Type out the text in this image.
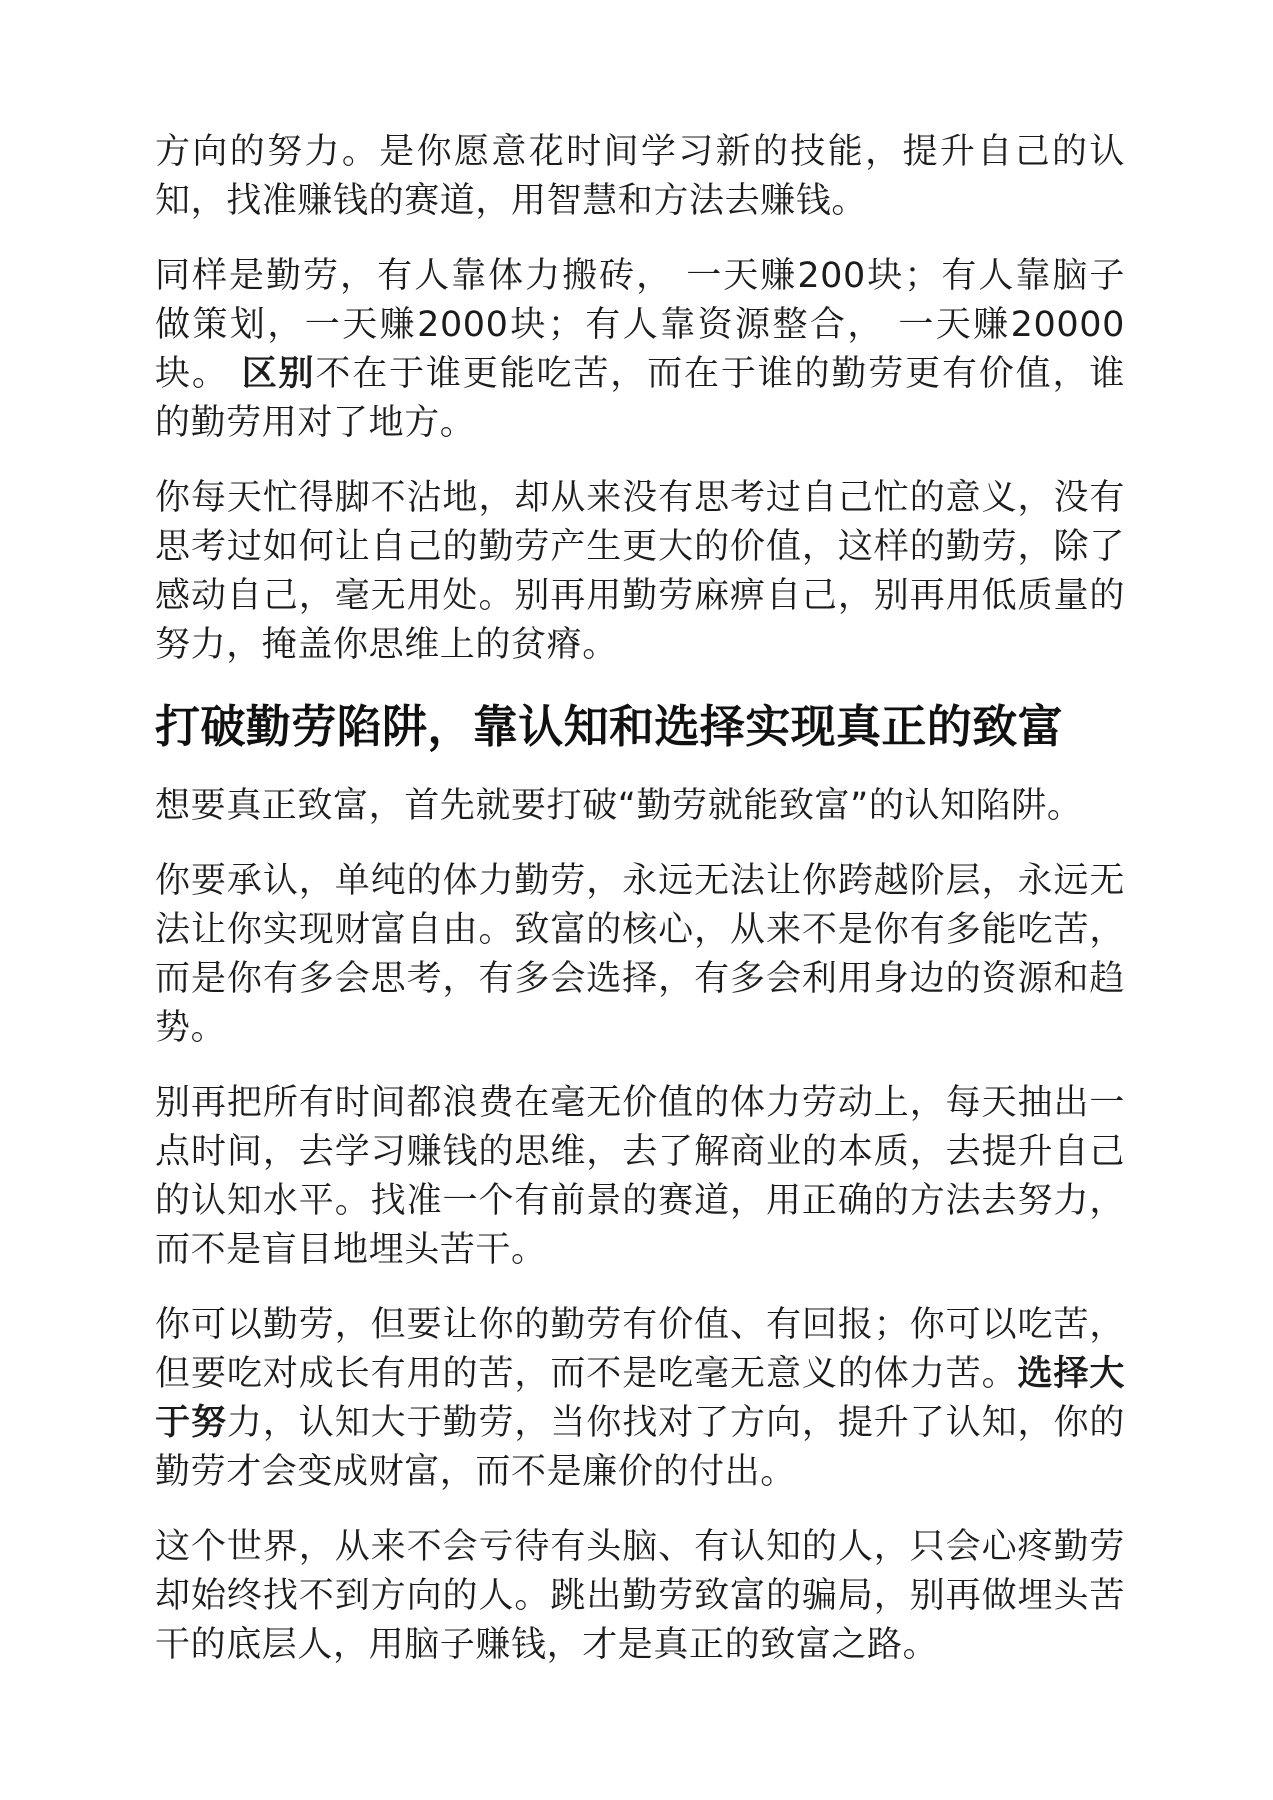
方向的努力。是你愿意花时间学习新的技能，提升自己的认知，找准赚钱的赛道，用智慧和方法去赚钱。

同样是勤劳，有人靠体力搬砖， 一天赚200块；有人靠脑子做策划，一天赚2000块；有人靠资源整合， 一天赚20000块。 区别不在于谁更能吃苦，而在于谁的勤劳更有价值，谁的勤劳用对了地方。

你每天忙得脚不沾地，却从来没有思考过自己忙的意义，没有思考过如何让自己的勤劳产生更大的价值，这样的勤劳，除了感动自己，毫无用处。别再用勤劳麻痹自己，别再用低质量的努力，掩盖你思维上的贫瘠。

打破勤劳陷阱，靠认知和选择实现真正的致富

想要真正致富，首先就要打破“勤劳就能致富”的认知陷阱。

你要承认，单纯的体力勤劳，永远无法让你跨越阶层，永远无法让你实现财富自由。致富的核心，从来不是你有多能吃苦，而是你有多会思考，有多会选择，有多会利用身边的资源和趋势。

别再把所有时间都浪费在毫无价值的体力劳动上，每天抽出一点时间，去学习赚钱的思维，去了解商业的本质，去提升自己的认知水平。找准一个有前景的赛道，用正确的方法去努力，而不是盲目地埋头苦干。

你可以勤劳，但要让你的勤劳有价值、有回报；你可以吃苦，但要吃对成长有用的苦，而不是吃毫无意义的体力苦。选择大于努力，认知大于勤劳，当你找对了方向，提升了认知，你的勤劳才会变成财富，而不是廉价的付出。

这个世界，从来不会亏待有头脑、有认知的人，只会心疼勤劳却始终找不到方向的人。跳出勤劳致富的骗局，别再做埋头苦干的底层人，用脑子赚钱，才是真正的致富之路。
